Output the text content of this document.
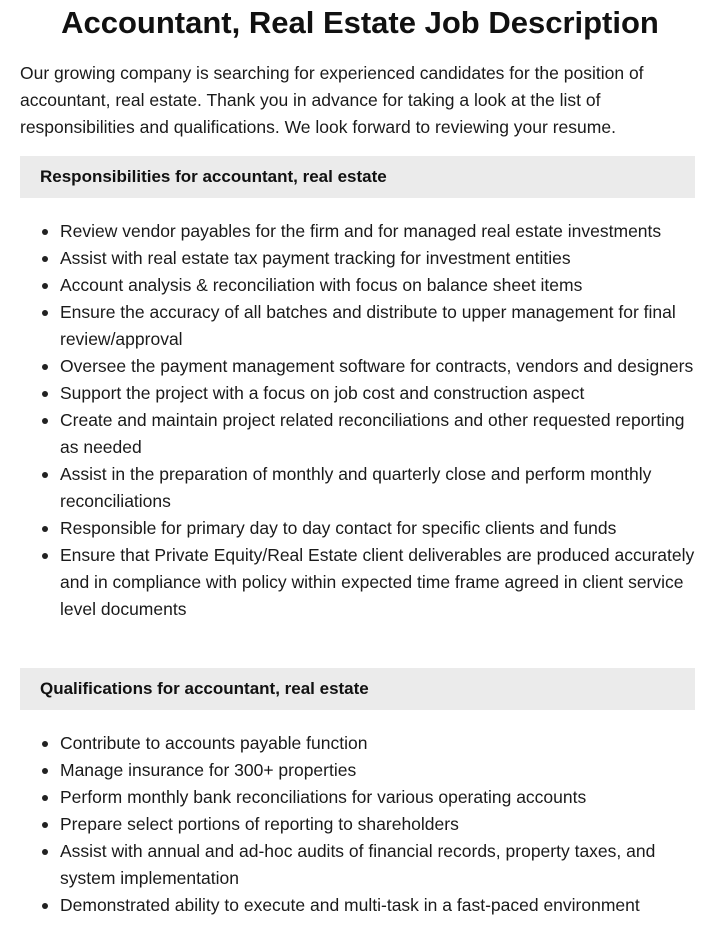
Accountant, Real Estate Job Description

Our growing company is searching for experienced candidates for the position of accountant, real estate. Thank you in advance for taking a look at the list of responsibilities and qualifications. We look forward to reviewing your resume.

Responsibilities for accountant, real estate
Review vendor payables for the firm and for managed real estate investments
Assist with real estate tax payment tracking for investment entities
Account analysis & reconciliation with focus on balance sheet items
Ensure the accuracy of all batches and distribute to upper management for final review/approval
Oversee the payment management software for contracts, vendors and designers
Support the project with a focus on job cost and construction aspect
Create and maintain project related reconciliations and other requested reporting as needed
Assist in the preparation of monthly and quarterly close and perform monthly reconciliations
Responsible for primary day to day contact for specific clients and funds
Ensure that Private Equity/Real Estate client deliverables are produced accurately and in compliance with policy within expected time frame agreed in client service level documents
Qualifications for accountant, real estate
Contribute to accounts payable function
Manage insurance for 300+ properties
Perform monthly bank reconciliations for various operating accounts
Prepare select portions of reporting to shareholders
Assist with annual and ad-hoc audits of financial records, property taxes, and system implementation
Demonstrated ability to execute and multi-task in a fast-paced environment
